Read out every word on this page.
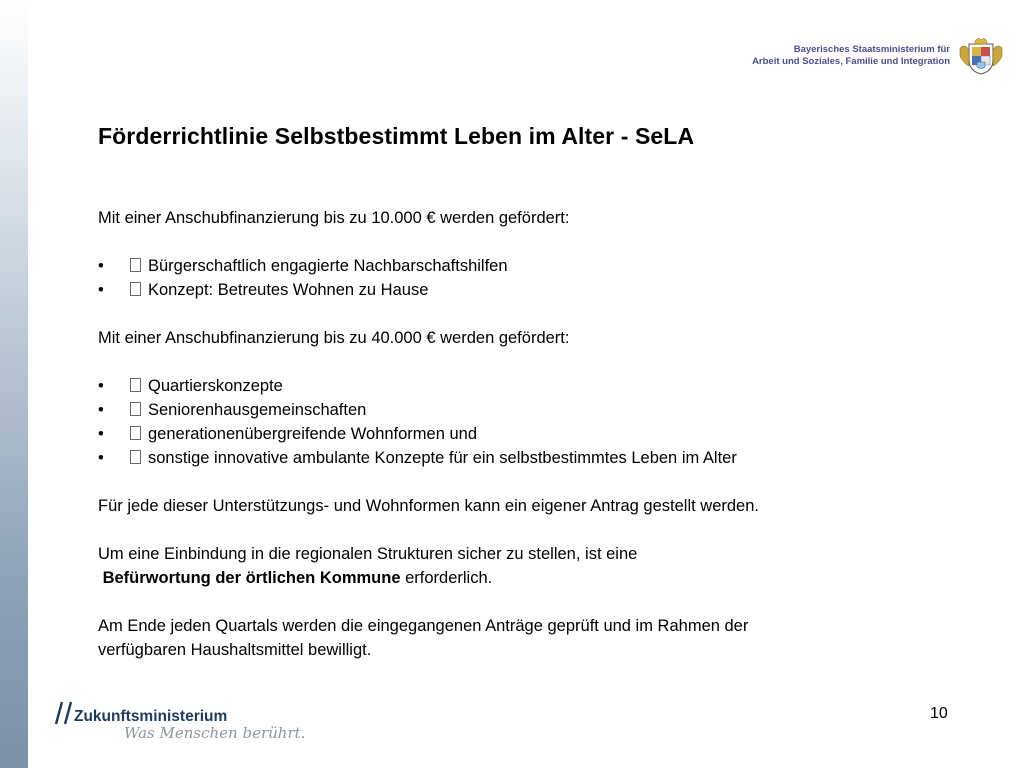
Bayerisches Staatsministerium für
Arbeit und Soziales, Familie und Integration
Förderrichtlinie Selbstbestimmt Leben im Alter - SeLA

Mit einer Anschubfinanzierung bis zu 10.000 € werden gefördert:

•	Bürgerschaftlich engagierte Nachbarschaftshilfen
•	Konzept: Betreutes Wohnen zu Hause

Mit einer Anschubfinanzierung bis zu 40.000 € werden gefördert:

•	Quartierskonzepte
•	Seniorenhausgemeinschaften
•	generationenübergreifende Wohnformen und
•	sonstige innovative ambulante Konzepte für ein selbstbestimmtes Leben im Alter

Für jede dieser Unterstützungs- und Wohnformen kann ein eigener Antrag gestellt werden.

Um eine Einbindung in die regionalen Strukturen sicher zu stellen, ist eine

Befürwortung der örtlichen Kommune erforderlich.

Am Ende jeden Quartals werden die eingegangenen Anträge geprüft und im Rahmen der

verfügbaren Haushaltsmittel bewilligt.

Zukunftsministerium
Was Menschen berührt.
10
